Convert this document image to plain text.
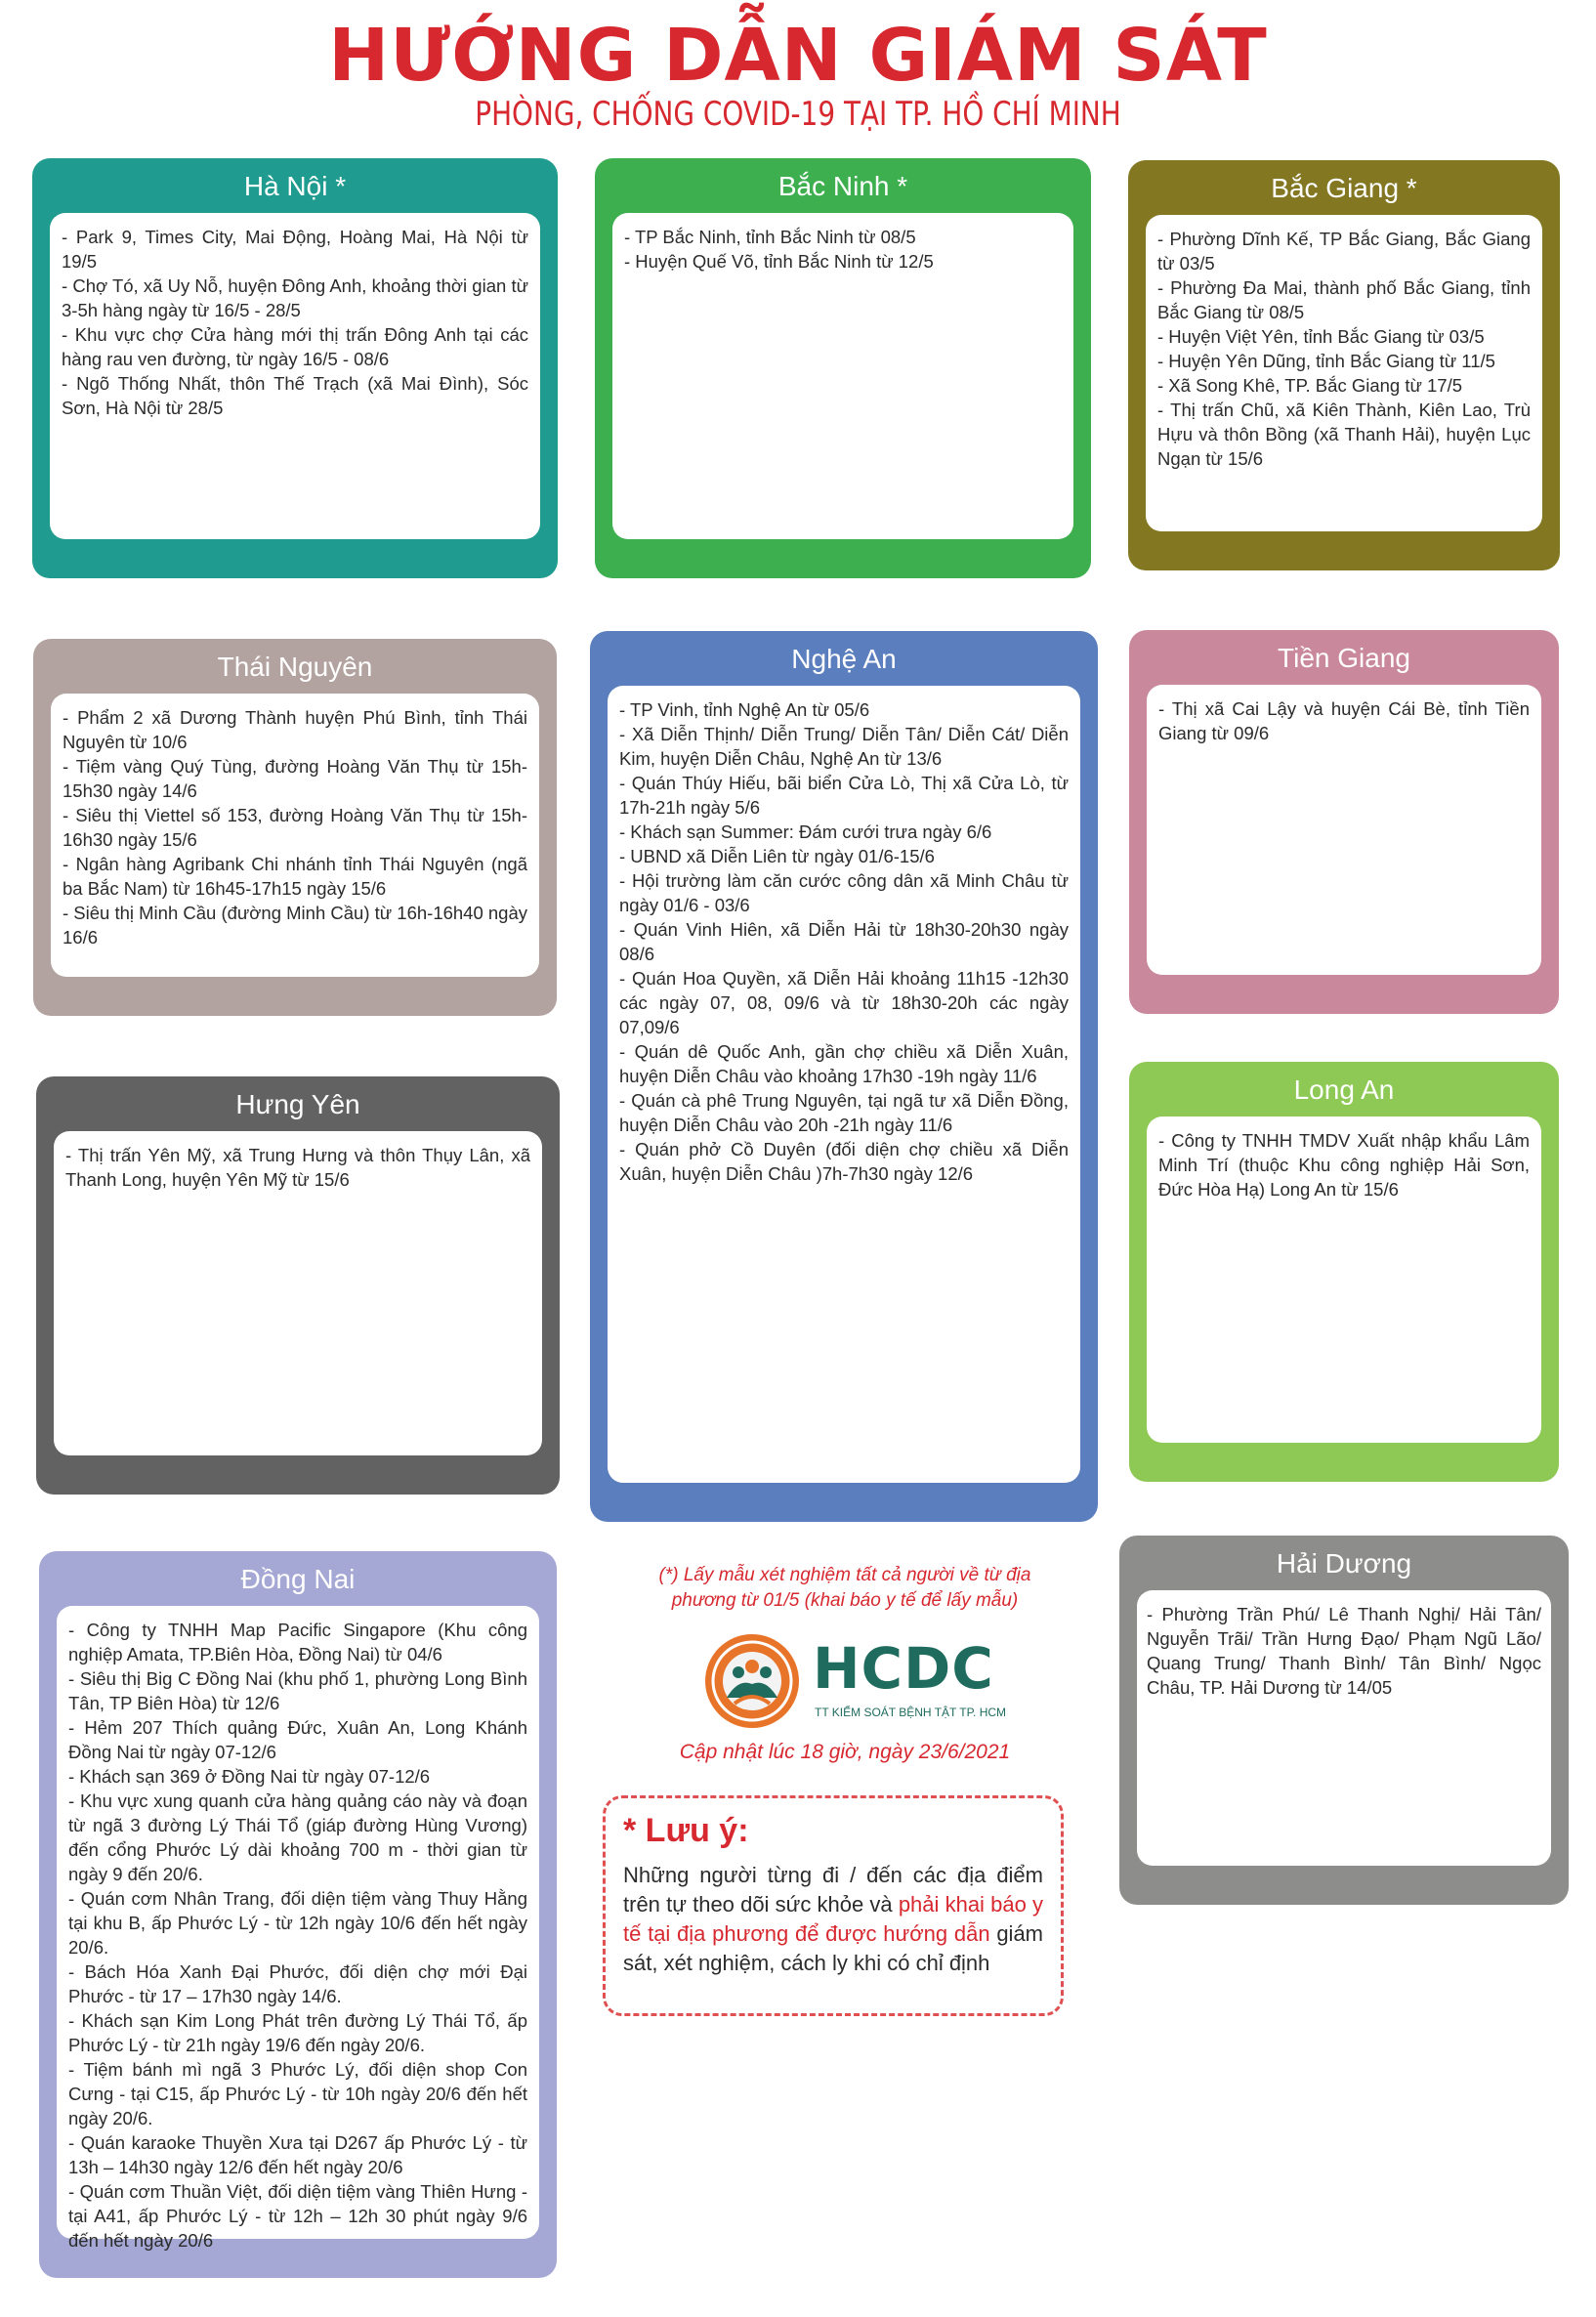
HƯỚNG DẪN GIÁM SÁT
PHÒNG, CHỐNG COVID-19 TẠI TP. HỒ CHÍ MINH
Hà Nội *
- Park 9, Times City, Mai Động, Hoàng Mai, Hà Nội từ 19/5
- Chợ Tó, xã Uy Nỗ, huyện Đông Anh, khoảng thời gian từ 3-5h hàng ngày từ 16/5 - 28/5
- Khu vực chợ Cửa hàng mới thị trấn Đông Anh tại các hàng rau ven đường, từ ngày 16/5 - 08/6
- Ngõ Thống Nhất, thôn Thế Trạch (xã Mai Đình), Sóc Sơn, Hà Nội từ 28/5
Bắc Ninh *
- TP Bắc Ninh, tỉnh Bắc Ninh từ 08/5
- Huyện Quế Võ, tỉnh Bắc Ninh từ 12/5
Bắc Giang *
- Phường Dĩnh Kế, TP Bắc Giang, Bắc Giang từ 03/5
- Phường Đa Mai, thành phố Bắc Giang, tỉnh Bắc Giang từ 08/5
- Huyện Việt Yên, tỉnh Bắc Giang từ 03/5
- Huyện Yên Dũng, tỉnh Bắc Giang từ 11/5
- Xã Song Khê, TP. Bắc Giang từ 17/5
- Thị trấn Chũ, xã Kiên Thành, Kiên Lao, Trù Hựu và thôn Bồng (xã Thanh Hải), huyện Lục Ngạn từ 15/6
Thái Nguyên
- Phẩm 2 xã Dương Thành huyện Phú Bình, tỉnh Thái Nguyên từ 10/6
- Tiệm vàng Quý Tùng, đường Hoàng Văn Thụ từ 15h-15h30 ngày 14/6
- Siêu thị Viettel số 153, đường Hoàng Văn Thụ từ 15h-16h30 ngày 15/6
- Ngân hàng Agribank Chi nhánh tỉnh Thái Nguyên (ngã ba Bắc Nam) từ 16h45-17h15 ngày 15/6
- Siêu thị Minh Cầu (đường Minh Cầu) từ 16h-16h40 ngày 16/6
Nghệ An
- TP Vinh, tỉnh Nghệ An từ 05/6
- Xã Diễn Thịnh/ Diễn Trung/ Diễn Tân/ Diễn Cát/ Diễn Kim, huyện Diễn Châu, Nghệ An từ 13/6
- Quán Thúy Hiếu, bãi biển Cửa Lò, Thị xã Cửa Lò, từ 17h-21h ngày 5/6
- Khách sạn Summer: Đám cưới trưa ngày 6/6
- UBND xã Diễn Liên từ ngày 01/6-15/6
- Hội trường làm căn cước công dân xã Minh Châu từ ngày 01/6 - 03/6
- Quán Vinh Hiên, xã Diễn Hải từ 18h30-20h30 ngày 08/6
- Quán Hoa Quyền, xã Diễn Hải khoảng 11h15 -12h30 các ngày 07, 08, 09/6 và từ 18h30-20h các ngày 07,09/6
- Quán dê Quốc Anh, gần chợ chiều xã Diễn Xuân, huyện Diễn Châu vào khoảng 17h30 -19h ngày 11/6
- Quán cà phê Trung Nguyên, tại ngã tư xã Diễn Đồng, huyện Diễn Châu vào 20h -21h ngày 11/6
- Quán phở Cồ Duyên (đối diện chợ chiều xã Diễn Xuân, huyện Diễn Châu )7h-7h30 ngày 12/6
Tiền Giang
- Thị xã Cai Lậy và huyện Cái Bè, tỉnh Tiền Giang từ 09/6
Hưng Yên
- Thị trấn Yên Mỹ, xã Trung Hưng và thôn Thụy Lân, xã Thanh Long, huyện Yên Mỹ từ 15/6
Long An
- Công ty TNHH TMDV Xuất nhập khẩu Lâm Minh Trí (thuộc Khu công nghiệp Hải Sơn, Đức Hòa Hạ) Long An từ 15/6
Đồng Nai
- Công ty TNHH Map Pacific Singapore (Khu công nghiệp Amata, TP.Biên Hòa, Đồng Nai) từ 04/6
- Siêu thị Big C Đồng Nai (khu phố 1, phường Long Bình Tân, TP Biên Hòa) từ 12/6
- Hẻm 207 Thích quảng Đức, Xuân An, Long Khánh Đồng Nai từ ngày 07-12/6
- Khách sạn 369 ở Đồng Nai từ ngày 07-12/6
- Khu vực xung quanh cửa hàng quảng cáo này và đoạn từ ngã 3 đường Lý Thái Tổ (giáp đường Hùng Vương) đến cổng Phước Lý dài khoảng 700 m - thời gian từ ngày 9 đến 20/6.
- Quán cơm Nhân Trang, đối diện tiệm vàng Thuy Hằng tại khu B, ấp Phước Lý - từ 12h ngày 10/6 đến hết ngày 20/6.
- Bách Hóa Xanh Đại Phước, đối diện chợ mới Đại Phước - từ 17 – 17h30 ngày 14/6.
- Khách sạn Kim Long Phát trên đường Lý Thái Tổ, ấp Phước Lý - từ 21h ngày 19/6 đến ngày 20/6.
- Tiệm bánh mì ngã 3 Phước Lý, đối diện shop Con Cưng - tại C15, ấp Phước Lý - từ 10h ngày 20/6 đến hết ngày 20/6.
- Quán karaoke Thuyền Xưa tại D267 ấp Phước Lý - từ 13h – 14h30 ngày 12/6 đến hết ngày 20/6
- Quán cơm Thuần Việt, đối diện tiệm vàng Thiên Hưng - tại A41, ấp Phước Lý - từ 12h – 12h 30 phút ngày 9/6 đến hết ngày 20/6
Hải Dương
- Phường Trần Phú/ Lê Thanh Nghị/ Hải Tân/ Nguyễn Trãi/ Trần Hưng Đạo/ Phạm Ngũ Lão/ Quang Trung/ Thanh Bình/ Tân Bình/ Ngọc Châu, TP. Hải Dương từ 14/05
(*) Lấy mẫu xét nghiệm tất cả người về từ địa phương từ 01/5 (khai báo y tế để lấy mẫu)
HCDC
TT KIỂM SOÁT BỆNH TẬT TP. HCM
Cập nhật lúc 18 giờ, ngày 23/6/2021
* Lưu ý:
Những người từng đi / đến các địa điểm trên tự theo dõi sức khỏe và phải khai báo y tế tại địa phương để được hướng dẫn giám sát, xét nghiệm, cách ly khi có chỉ định
